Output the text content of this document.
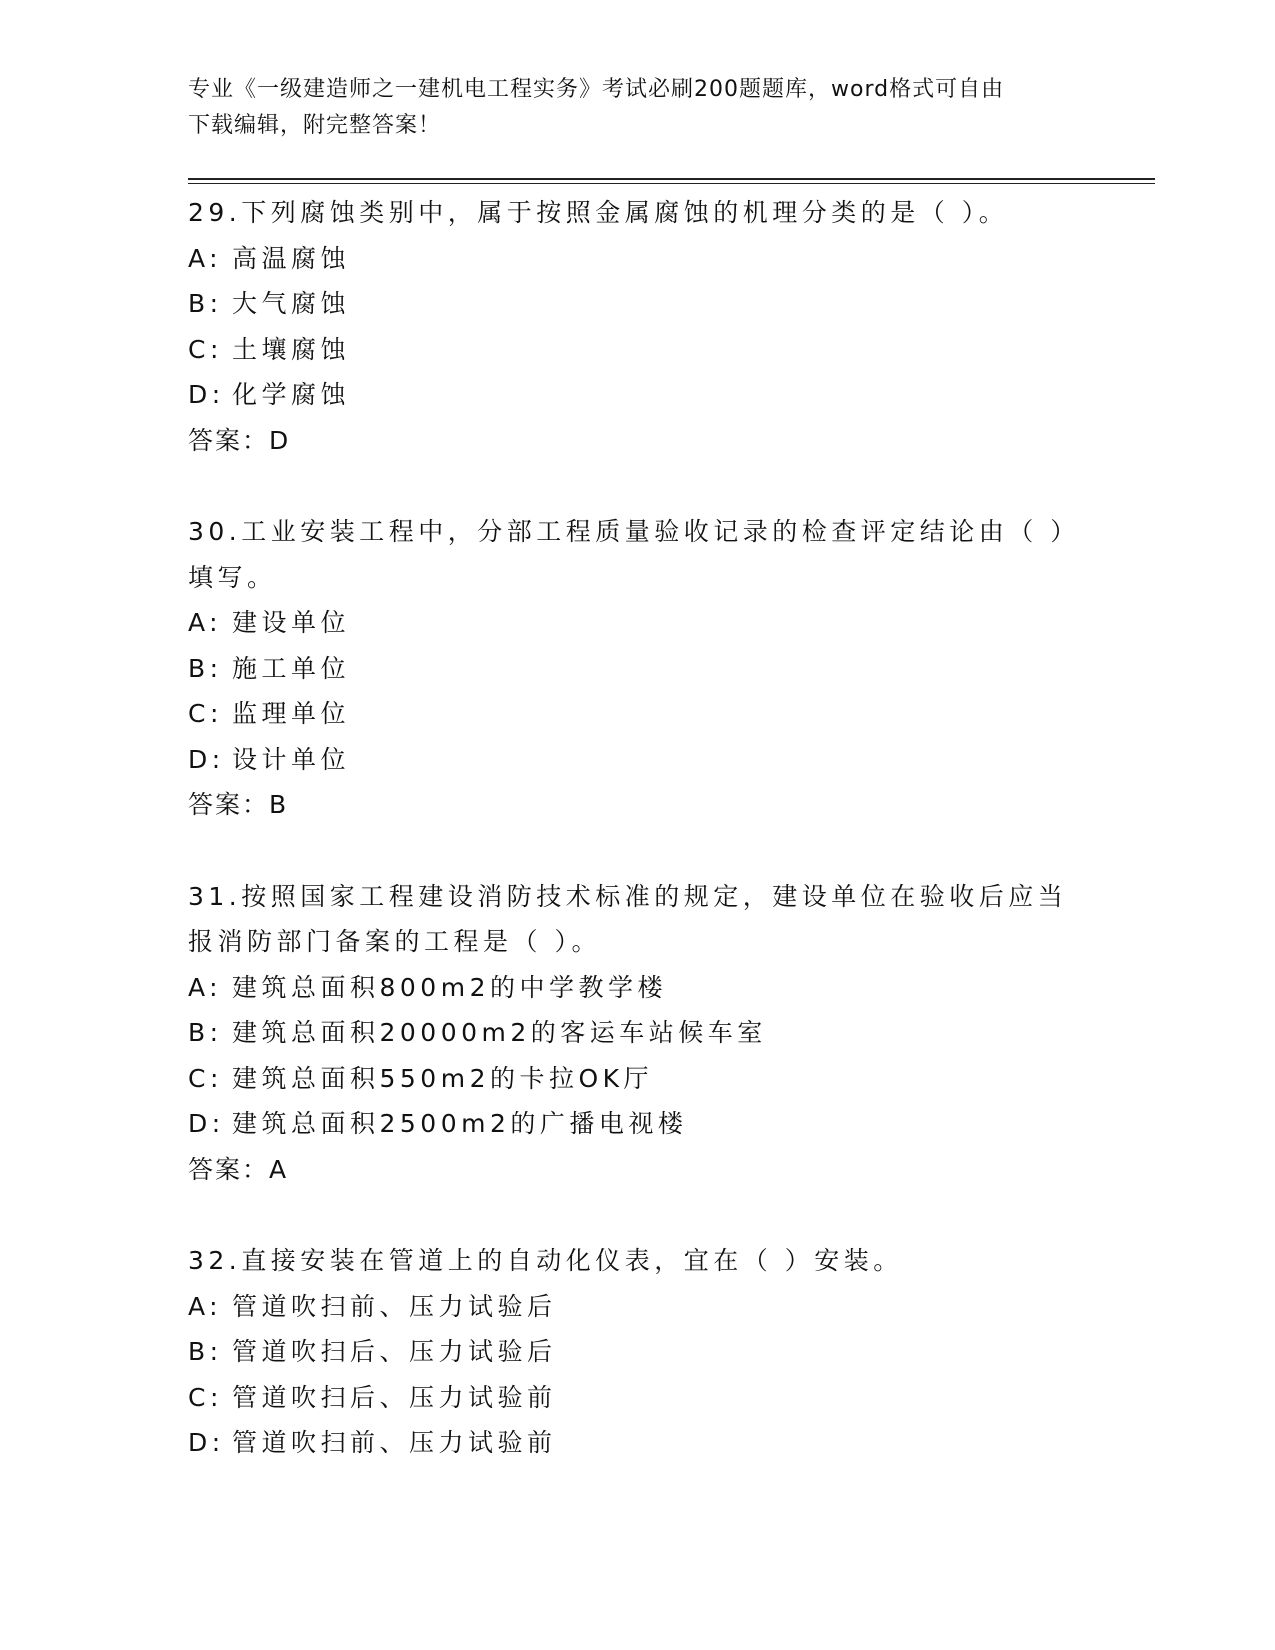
专业《一级建造师之一建机电工程实务》考试必刷200题题库，word格式可自由
下载编辑，附完整答案！
29.下列腐蚀类别中，属于按照金属腐蚀的机理分类的是（ ）。
A: 高温腐蚀
B: 大气腐蚀
C: 土壤腐蚀
D: 化学腐蚀
答案：D
30.工业安装工程中，分部工程质量验收记录的检查评定结论由（ ）填写。
A: 建设单位
B: 施工单位
C: 监理单位
D: 设计单位
答案：B
31.按照国家工程建设消防技术标准的规定，建设单位在验收后应当报消防部门备案的工程是（ ）。
A: 建筑总面积800m2的中学教学楼
B: 建筑总面积20000m2的客运车站候车室
C: 建筑总面积550m2的卡拉OK厅
D: 建筑总面积2500m2的广播电视楼
答案：A
32.直接安装在管道上的自动化仪表，宜在（ ）安装。
A: 管道吹扫前、压力试验后
B: 管道吹扫后、压力试验后
C: 管道吹扫后、压力试验前
D: 管道吹扫前、压力试验前
